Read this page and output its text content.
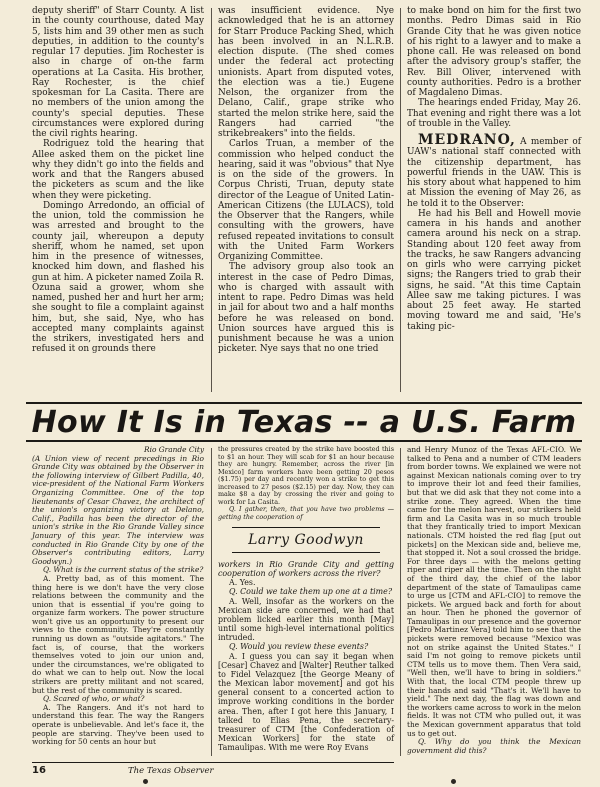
deputy sheriff" of Starr County. A list in the county courthouse, dated May 5, lists him and 39 other men as such deputies, in addition to the county's regular 17 deputies. Jim Rochester is also in charge of on-the farm operations at La Casita. His brother, Ray Rochester, is the chief spokesman for La Casita. There are no members of the union among the county's special deputies. These circumstances were explored during the civil rights hearing.

Rodriguez told the hearing that Allee asked them on the picket line why they didn't go into the fields and work and that the Rangers abused the picketers as scum and the like when they were picketing.

Domingo Arredondo, an official of the union, told the commission he was arrested and brought to the county jail, whereupon a deputy sheriff, whom he named, set upon him in the presence of witnesses, knocked him down, and flashed his gun at him. A picketer named Zoila R. Ozuna said a grower, whom she named, pushed her and hurt her arm; she sought to file a complaint against him, but, she said, Nye, who has accepted many complaints against the strikers, investigated hers and refused it on grounds there

was insufficient evidence. Nye acknowledged that he is an attorney for Starr Produce Packing Shed, which has been involved in an N.L.R.B. election dispute. (The shed comes under the federal act protecting unionists. Apart from disputed votes, the election was a tie.) Eugene Nelson, the organizer from the Delano, Calif., grape strike who started the melon strike here, said the Rangers had carried "the strikebreakers" into the fields.

Carlos Truan, a member of the commission who helped conduct the hearing, said it was "obvious" that Nye is on the side of the growers. In Corpus Christi, Truan, deputy state director of the League of United Latin-American Citizens (the LULACS), told the Observer that the Rangers, while consulting with the growers, have refused repeated invitations to consult with the United Farm Workers Organizing Committee.

The advisory group also took an interest in the case of Pedro Dimas, who is charged with assault with intent to rape. Pedro Dimas was held in jail for about two and a half months before he was released on bond. Union sources have argued this is punishment because he was a union picketer. Nye says that no one tried

to make bond on him for the first two months. Pedro Dimas said in Rio Grande City that he was given notice of his right to a lawyer and to make a phone call. He was released on bond after the advisory group's staffer, the Rev. Bill Oliver, intervened with county authorities. Pedro is a brother of Magdaleno Dimas.

The hearings ended Friday, May 26. That evening and right there was a lot of trouble in the Valley.

MEDRANO, A member of UAW's national staff connected with the citizenship department, has powerful friends in the UAW. This is his story about what happened to him at Mission the evening of May 26, as he told it to the Observer:

He had his Bell and Howell movie camera in his hands and another camera around his neck on a strap. Standing about 120 feet away from the tracks, he saw Rangers advancing on girls who were carrying picket signs; the Rangers tried to grab their signs, he said. "At this time Captain Allee saw me taking pictures. I was about 25 feet away. He started moving toward me and said, 'He's taking pic-

How It Is in Texas -- a U.S. Farm

Rio Grande City

(A Union view of recent precedings in Rio Grande City was obtained by the Observer in the following interview of Gilbert Padilla, 40, vice-president of the National Farm Workers Organizing Committee. One of the top lieutenants of Cesar Chavez, the architect of the union's organizing victory at Delano, Calif., Padilla has been the director of the union's strike in the Rio Grande Valley since January of this year. The interview was conducted in Rio Grande City by one of the Observer's contributing editors, Larry Goodwyn.)

Q. What is the current status of the strike?

A. Pretty bad, as of this moment. The thing here is we don't have the very close relations between the community and the union that is essential if you're going to organize farm workers. The power structure won't give us an opportunity to present our views to the community. They're constantly running us down as "outside agitators." The fact is, of course, that the workers themselves voted to join our union and, under the circumstances, we're obligated to do what we can to help out. Now the local strikers are pretty militant and not scared, but the rest of the community is scared.

Q. Scared of who, or what?

A. The Rangers. And it's not hard to understand this fear. The way the Rangers operate is unbelievable. And let's face it, the people are starving. They've been used to working for 50 cents an hour but

the pressures created by the strike have boosted this to $1 an hour. They will scab for $1 an hour because they are hungry. Remember, across the river [in Mexico] farm workers have been getting 20 pesos ($1.75) per day and recently won a strike to get this increased to 27 pesos ($2.15) per day. Now, they can make $8 a day by crossing the river and going to work for La Casita.

Q. I gather, then, that you have two problems — getting the cooperation of

Larry Goodwyn

workers in Rio Grande City and getting cooperation of workers across the river?

A. Yes.

Q. Could we take them up one at a time?

A. Well, insofar as the workers on the Mexican side are concerned, we had that problem licked earlier this month [May] until some high-level international politics intruded.

Q. Would you review these events?

A. I guess you can say it began when [Cesar] Chavez and [Walter] Reuther talked to Fidel Velazquez [the George Meany of the Mexican labor movement] and got his general consent to a concerted action to improve working conditions in the border area. Then, after I got here this January, I talked to Elias Pena, the secretary-treasurer of CTM [the Confederation of Mexican Workers] for the state of Tamaulipas. With me were Roy Evans

and Henry Munoz of the Texas AFL-CIO. We talked to Pena and a number of CTM leaders from border towns. We explained we were not against Mexican nationals coming over to try to improve their lot and feed their families, but that we did ask that they not come into a strike zone. They agreed. When the time came for the melon harvest, our strikers held firm and La Casita was in so much trouble that they frantically tried to import Mexican nationals. CTM hoisted the red flag [put out pickets] on the Mexican side and, believe me, that stopped it. Not a soul crossed the bridge. For three days — with the melons getting riper and riper all the time. Then on the night of the third day, the chief of the labor department of the state of Tamaulipas came to urge us [CTM and AFL-CIO] to remove the pickets. We argued back and forth for about an hour. Then he phoned the governor of Tamaulipas in our presence and the governor [Pedro Martinez Vera] told him to see that the pickets were removed because "Mexico was not on strike against the United States." I said I'm not going to remove pickets until CTM tells us to move them. Then Vera said, "Well then, we'll have to bring in soldiers." With that, the local CTM people threw up their hands and said "That's it. We'll have to yield." The next day, the flag was down and the workers came across to work in the melon fields. It was not CTM who pulled out, it was the Mexican government apparatus that told us to get out.

Q. Why do you think the Mexican government did this?

16	The Texas Observer
